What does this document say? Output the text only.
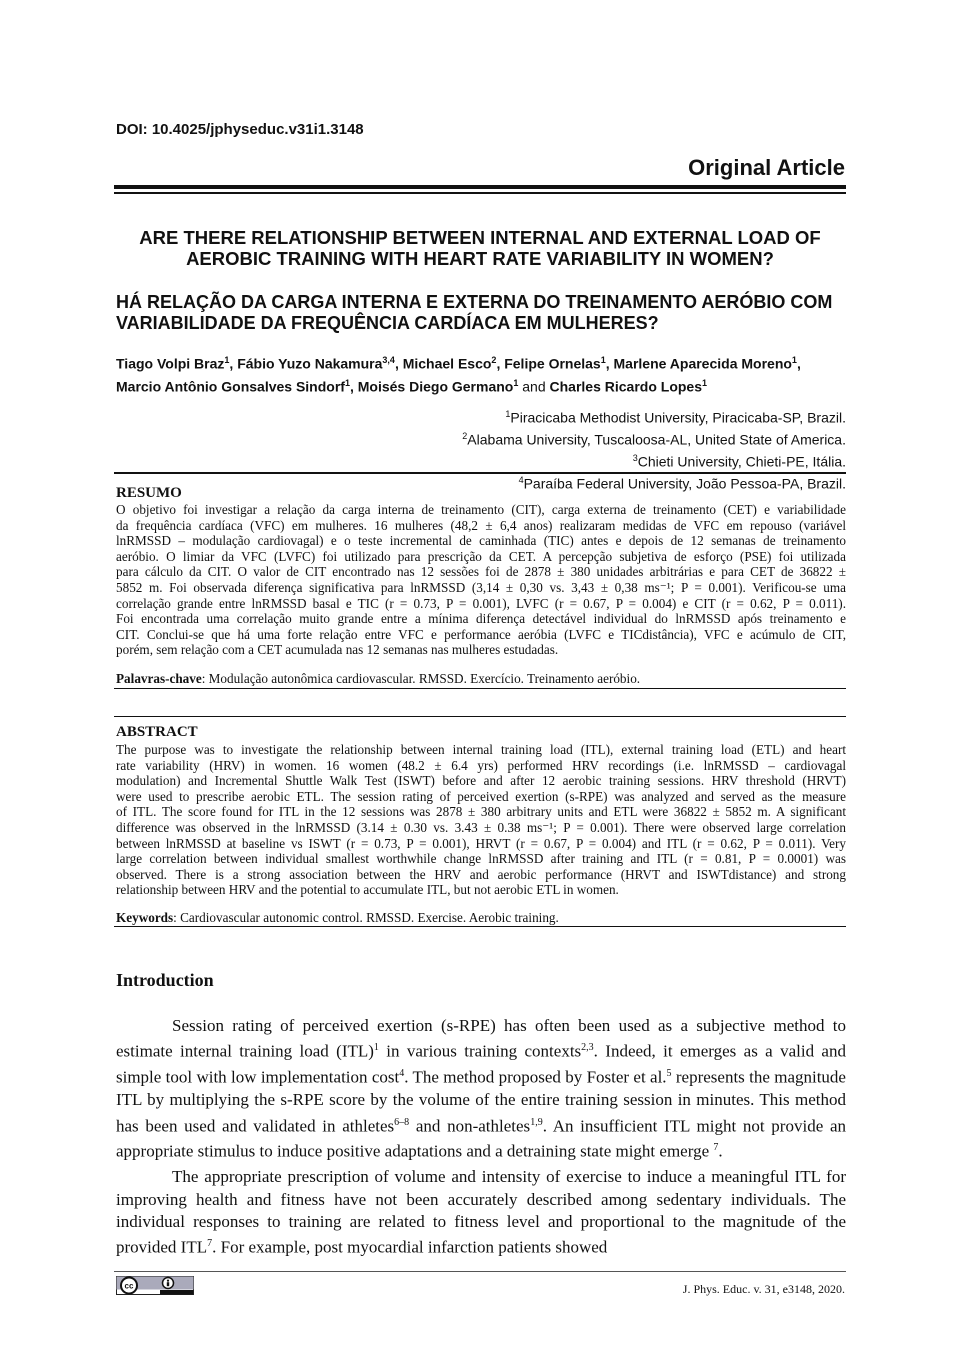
DOI: 10.4025/jphyseduc.v31i1.3148
Original Article
ARE THERE RELATIONSHIP BETWEEN INTERNAL AND EXTERNAL LOAD OF AEROBIC TRAINING WITH HEART RATE VARIABILITY IN WOMEN?
HÁ RELAÇÃO DA CARGA INTERNA E EXTERNA DO TREINAMENTO AERÓBIO COM VARIABILIDADE DA FREQUÊNCIA CARDÍACA EM MULHERES?
Tiago Volpi Braz$^1$, Fábio Yuzo Nakamura$^{3,4}$, Michael Esco$^2$, Felipe Ornelas$^1$, Marlene Aparecida Moreno$^1$,
Marcio Antônio Gonsalves Sindorf$^1$, Moisés Diego Germano$^1$ and Charles Ricardo Lopes$^1$
$^1$Piracicaba Methodist University, Piracicaba-SP, Brazil.
$^2$Alabama University, Tuscaloosa-AL, United State of America.
$^3$Chieti University, Chieti-PE, Itália.
$^4$Paraíba Federal University, João Pessoa-PA, Brazil.
RESUMO
O objetivo foi investigar a relação da carga interna de treinamento (CIT), carga externa de treinamento (CET) e variabilidade
da frequência cardíaca (VFC) em mulheres. 16 mulheres (48,2 ± 6,4 anos) realizaram medidas de VFC em repouso (variável
lnRMSSD – modulação cardiovagal) e o teste incremental de caminhada (TIC) antes e depois de 12 semanas de treinamento
aeróbio. O limiar da VFC (LVFC) foi utilizado para prescrição da CET. A percepção subjetiva de esforço (PSE) foi utilizada
para cálculo da CIT. O valor de CIT encontrado nas 12 sessões foi de 2878 ± 380 unidades arbitrárias e para CET de 36822 ±
5852 m. Foi observada diferença significativa para lnRMSSD (3,14 ± 0,30 vs. 3,43 ± 0,38 ms⁻¹; P = 0.001). Verificou-se uma
correlação grande entre lnRMSSD basal e TIC (r = 0.73, P = 0.001), LVFC (r = 0.67, P = 0.004) e CIT (r = 0.62, P = 0.011).
Foi encontrada uma correlação muito grande entre a mínima diferença detectável individual do lnRMSSD após treinamento e
CIT. Conclui-se que há uma forte relação entre VFC e performance aeróbia (LVFC e TICdistância), VFC e acúmulo de CIT,
porém, sem relação com a CET acumulada nas 12 semanas nas mulheres estudadas.
Palavras-chave: Modulação autonômica cardiovascular. RMSSD. Exercício. Treinamento aeróbio.
ABSTRACT
The purpose was to investigate the relationship between internal training load (ITL), external training load (ETL) and heart
rate variability (HRV) in women. 16 women (48.2 ± 6.4 yrs) performed HRV recordings (i.e. lnRMSSD – cardiovagal
modulation) and Incremental Shuttle Walk Test (ISWT) before and after 12 aerobic training sessions. HRV threshold (HRVT)
were used to prescribe aerobic ETL. The session rating of perceived exertion (s-RPE) was analyzed and served as the measure
of ITL. The score found for ITL in the 12 sessions was 2878 ± 380 arbitrary units and ETL were 36822 ± 5852 m. A significant
difference was observed in the lnRMSSD (3.14 ± 0.30 vs. 3.43 ± 0.38 ms⁻¹; P = 0.001). There were observed large correlation
between lnRMSSD at baseline vs ISWT (r = 0.73, P = 0.001), HRVT (r = 0.67, P = 0.004) and ITL (r = 0.62, P = 0.011). Very
large correlation between individual smallest worthwhile change lnRMSSD after training and ITL (r = 0.81, P = 0.0001) was
observed. There is a strong association between the HRV and aerobic performance (HRVT and ISWTdistance) and strong
relationship between HRV and the potential to accumulate ITL, but not aerobic ETL in women.
Keywords: Cardiovascular autonomic control. RMSSD. Exercise. Aerobic training.
Introduction

Session rating of perceived exertion (s-RPE) has often been used as a subjective method to estimate internal training load (ITL)$^1$ in various training contexts$^{2,3}$. Indeed, it emerges as a valid and simple tool with low implementation cost$^4$. The method proposed by Foster et al.$^5$ represents the magnitude ITL by multiplying the s-RPE score by the volume of the entire training session in minutes. This method has been used and validated in athletes$^{6-8}$ and non-athletes$^{1,9}$. An insufficient ITL might not provide an appropriate stimulus to induce positive adaptations and a detraining state might emerge $^7$.

The appropriate prescription of volume and intensity of exercise to induce a meaningful ITL for improving health and fitness have not been accurately described among sedentary individuals. The individual responses to training are related to fitness level and proportional to the magnitude of the provided ITL$^7$. For example, post myocardial infarction patients showed

cc	J. Phys. Educ. v. 31, e3148, 2020.
